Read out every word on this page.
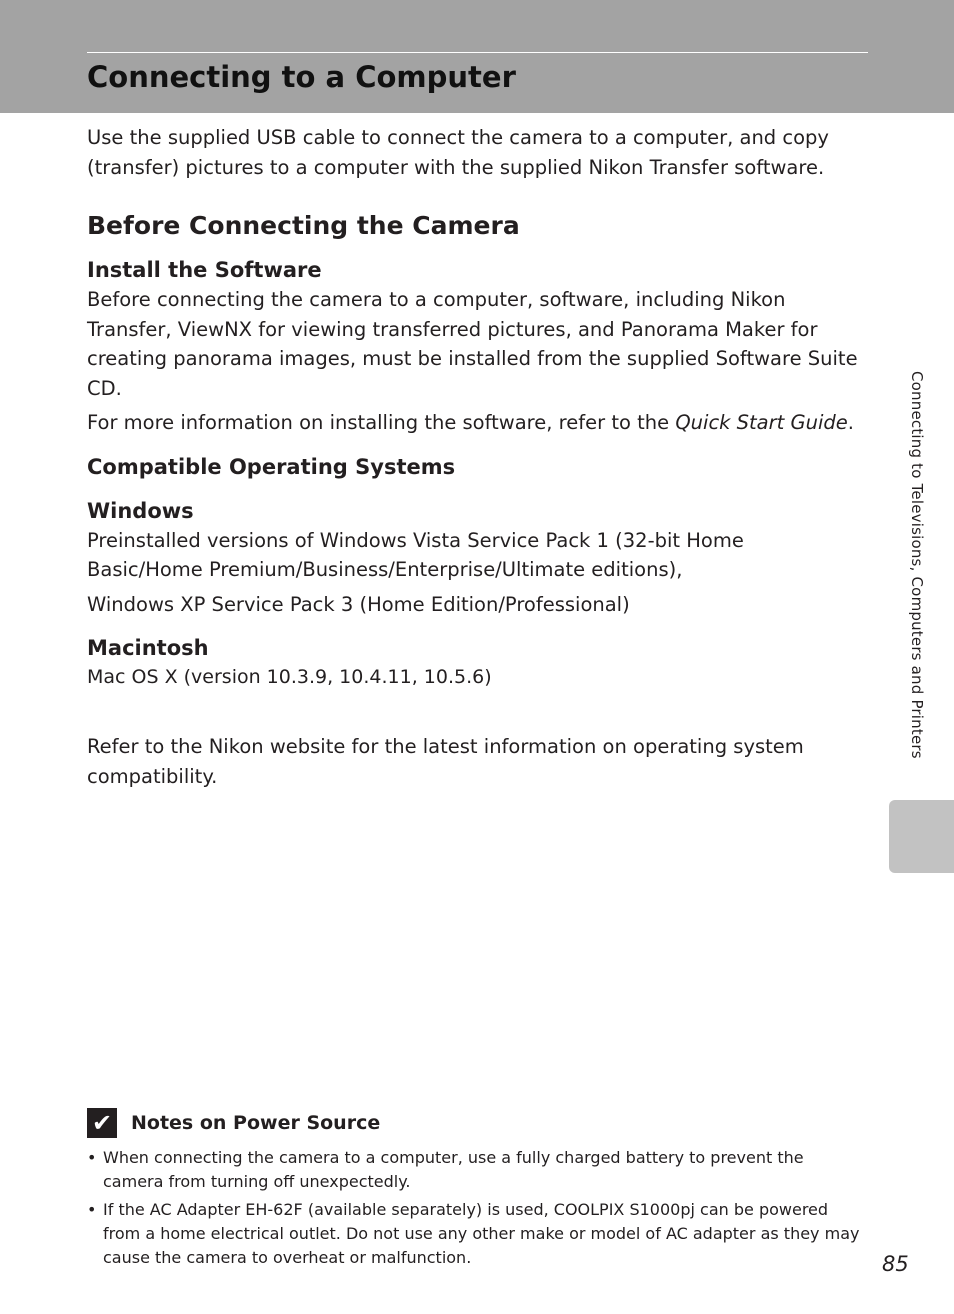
Connecting to a Computer

Use the supplied USB cable to connect the camera to a computer, and copy (transfer) pictures to a computer with the supplied Nikon Transfer software.

Before Connecting the Camera
Install the Software

Before connecting the camera to a computer, software, including Nikon Transfer, ViewNX for viewing transferred pictures, and Panorama Maker for creating panorama images, must be installed from the supplied Software Suite CD.

For more information on installing the software, refer to the Quick Start Guide.

Compatible Operating Systems
Windows

Preinstalled versions of Windows Vista Service Pack 1 (32-bit Home Basic/Home Premium/Business/Enterprise/Ultimate editions),

Windows XP Service Pack 3 (Home Edition/Professional)

Macintosh

Mac OS X (version 10.3.9, 10.4.11, 10.5.6)

Refer to the Nikon website for the latest information on operating system compatibility.

Connecting to Televisions, Computers and Printers
✔ Notes on Power Source
• When connecting the camera to a computer, use a fully charged battery to prevent the camera from turning off unexpectedly.
• If the AC Adapter EH-62F (available separately) is used, COOLPIX S1000pj can be powered from a home electrical outlet. Do not use any other make or model of AC adapter as they may cause the camera to overheat or malfunction.	85
